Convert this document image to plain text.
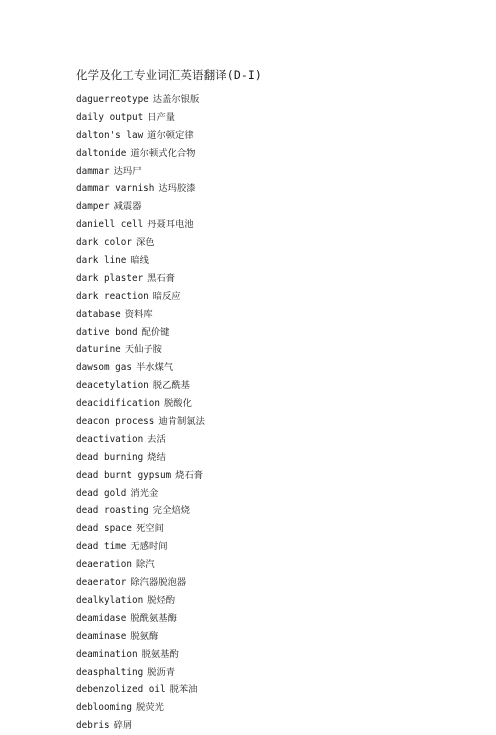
化学及化工专业词汇英语翻译(D-I)
daguerreotype 达盖尔银版
daily output 日产量
dalton's law 道尔顿定律
daltonide 道尔顿式化合物
dammar 达玛尸
dammar varnish 达玛胶漆
damper 减震器
daniell cell 丹聂耳电池
dark color 深色
dark line 暗线
dark plaster 黑石膏
dark reaction 暗反应
database 资料库
dative bond 配价键
daturine 天仙子胺
dawsom gas 半水煤气
deacetylation 脱乙酰基
deacidification 脱酸化
deacon process 迪肯制氯法
deactivation 去活
dead burning 烧结
dead burnt gypsum 烧石膏
dead gold 消光金
dead roasting 完全焙烧
dead space 死空间
dead time 无感时间
deaeration 除汽
deaerator 除汽器脱泡器
dealkylation 脱烃酌
deamidase 脱酰氨基酶
deaminase 脱氨酶
deamination 脱氨基酌
deasphalting 脱沥青
debenzolized oil 脱苯油
deblooming 脱荧光
debris 碎屑
